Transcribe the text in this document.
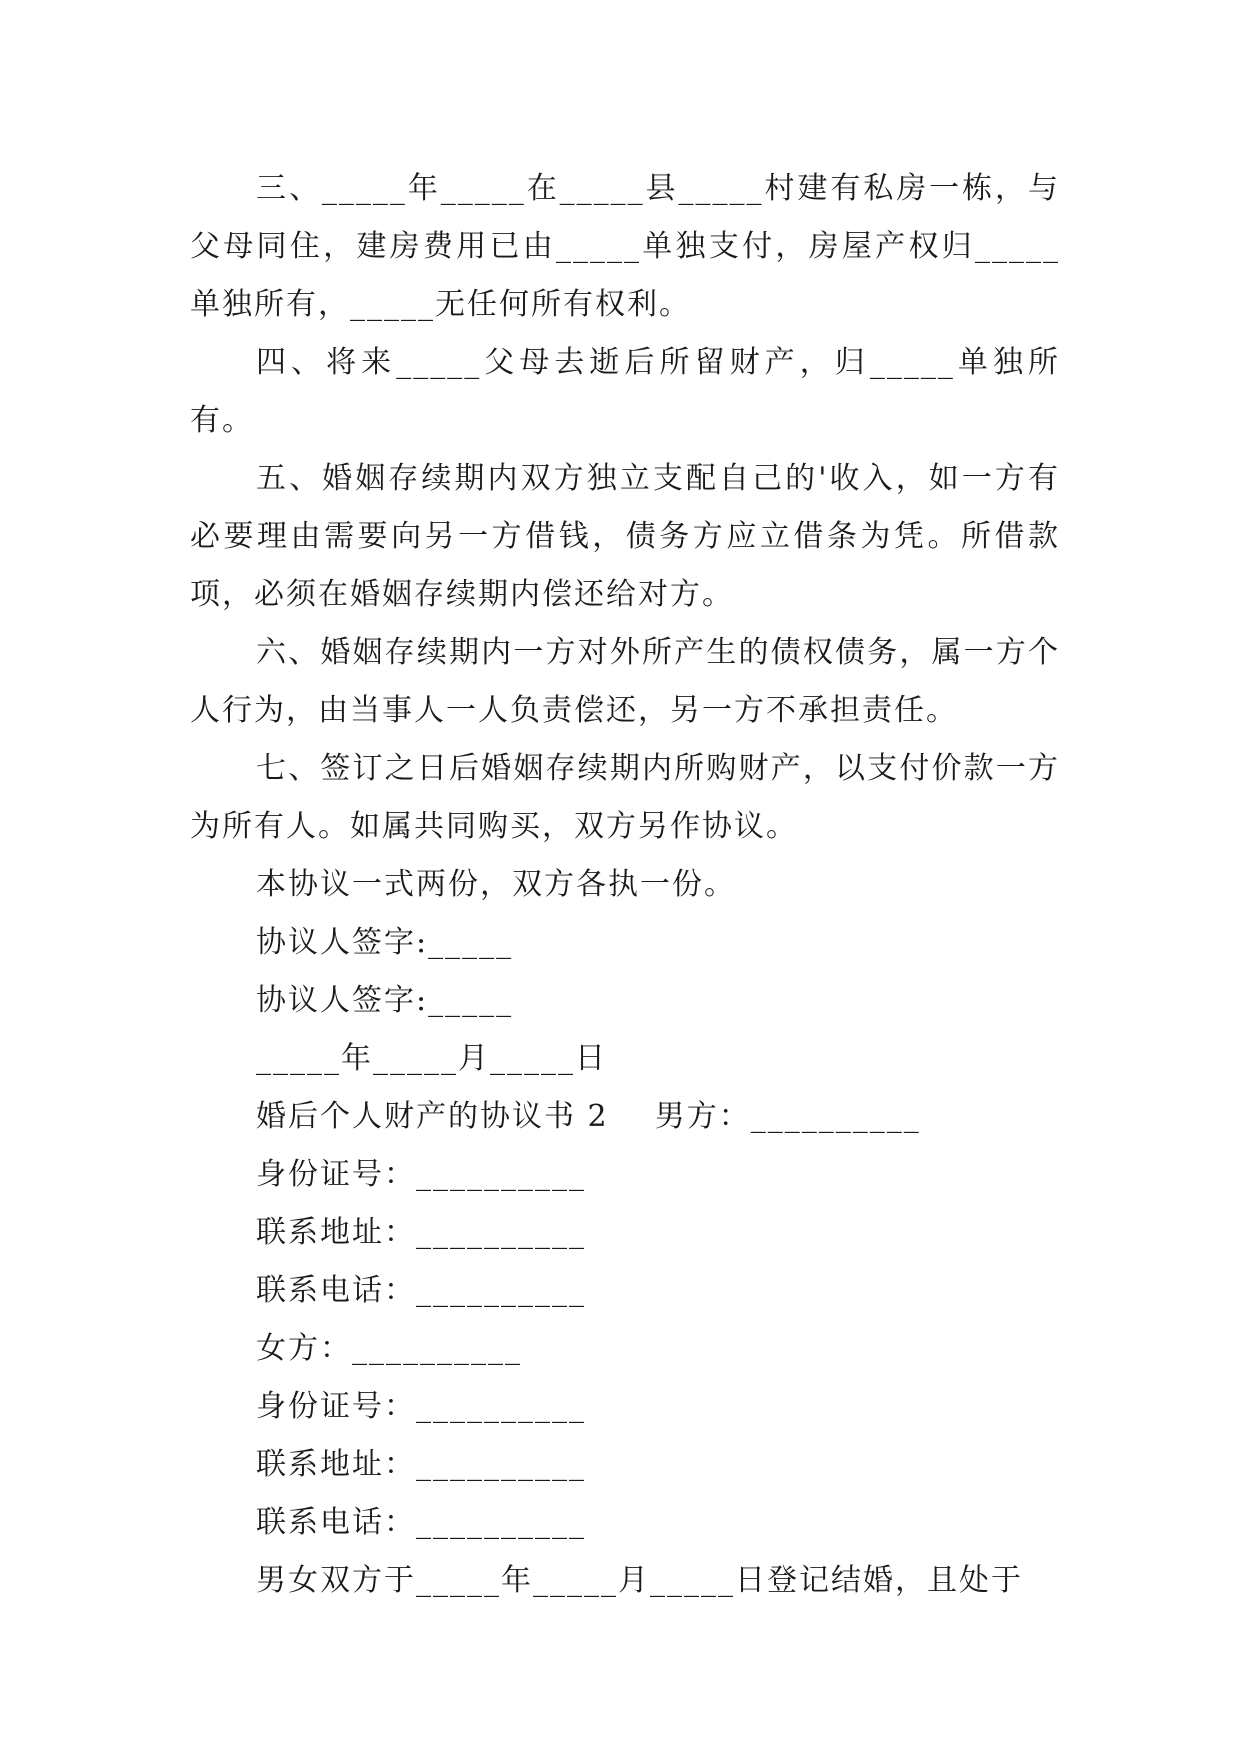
三、_____年_____在_____县_____村建有私房一栋，与父母同住，建房费用已由_____单独支付，房屋产权归_____单独所有，_____无任何所有权利。

四、将来_____父母去逝后所留财产，归_____单独所有。

五、婚姻存续期内双方独立支配自己的'收入，如一方有必要理由需要向另一方借钱，债务方应立借条为凭。所借款项，必须在婚姻存续期内偿还给对方。

六、婚姻存续期内一方对外所产生的债权债务，属一方个人行为，由当事人一人负责偿还，另一方不承担责任。

七、签订之日后婚姻存续期内所购财产，以支付价款一方为所有人。如属共同购买，双方另作协议。

本协议一式两份，双方各执一份。

协议人签字:_____

协议人签字:_____

_____年_____月_____日

婚后个人财产的协议书 2    男方：__________

身份证号：__________

联系地址：__________

联系电话：__________

女方：__________

身份证号：__________

联系地址：__________

联系电话：__________

男女双方于_____年_____月_____日登记结婚，且处于
